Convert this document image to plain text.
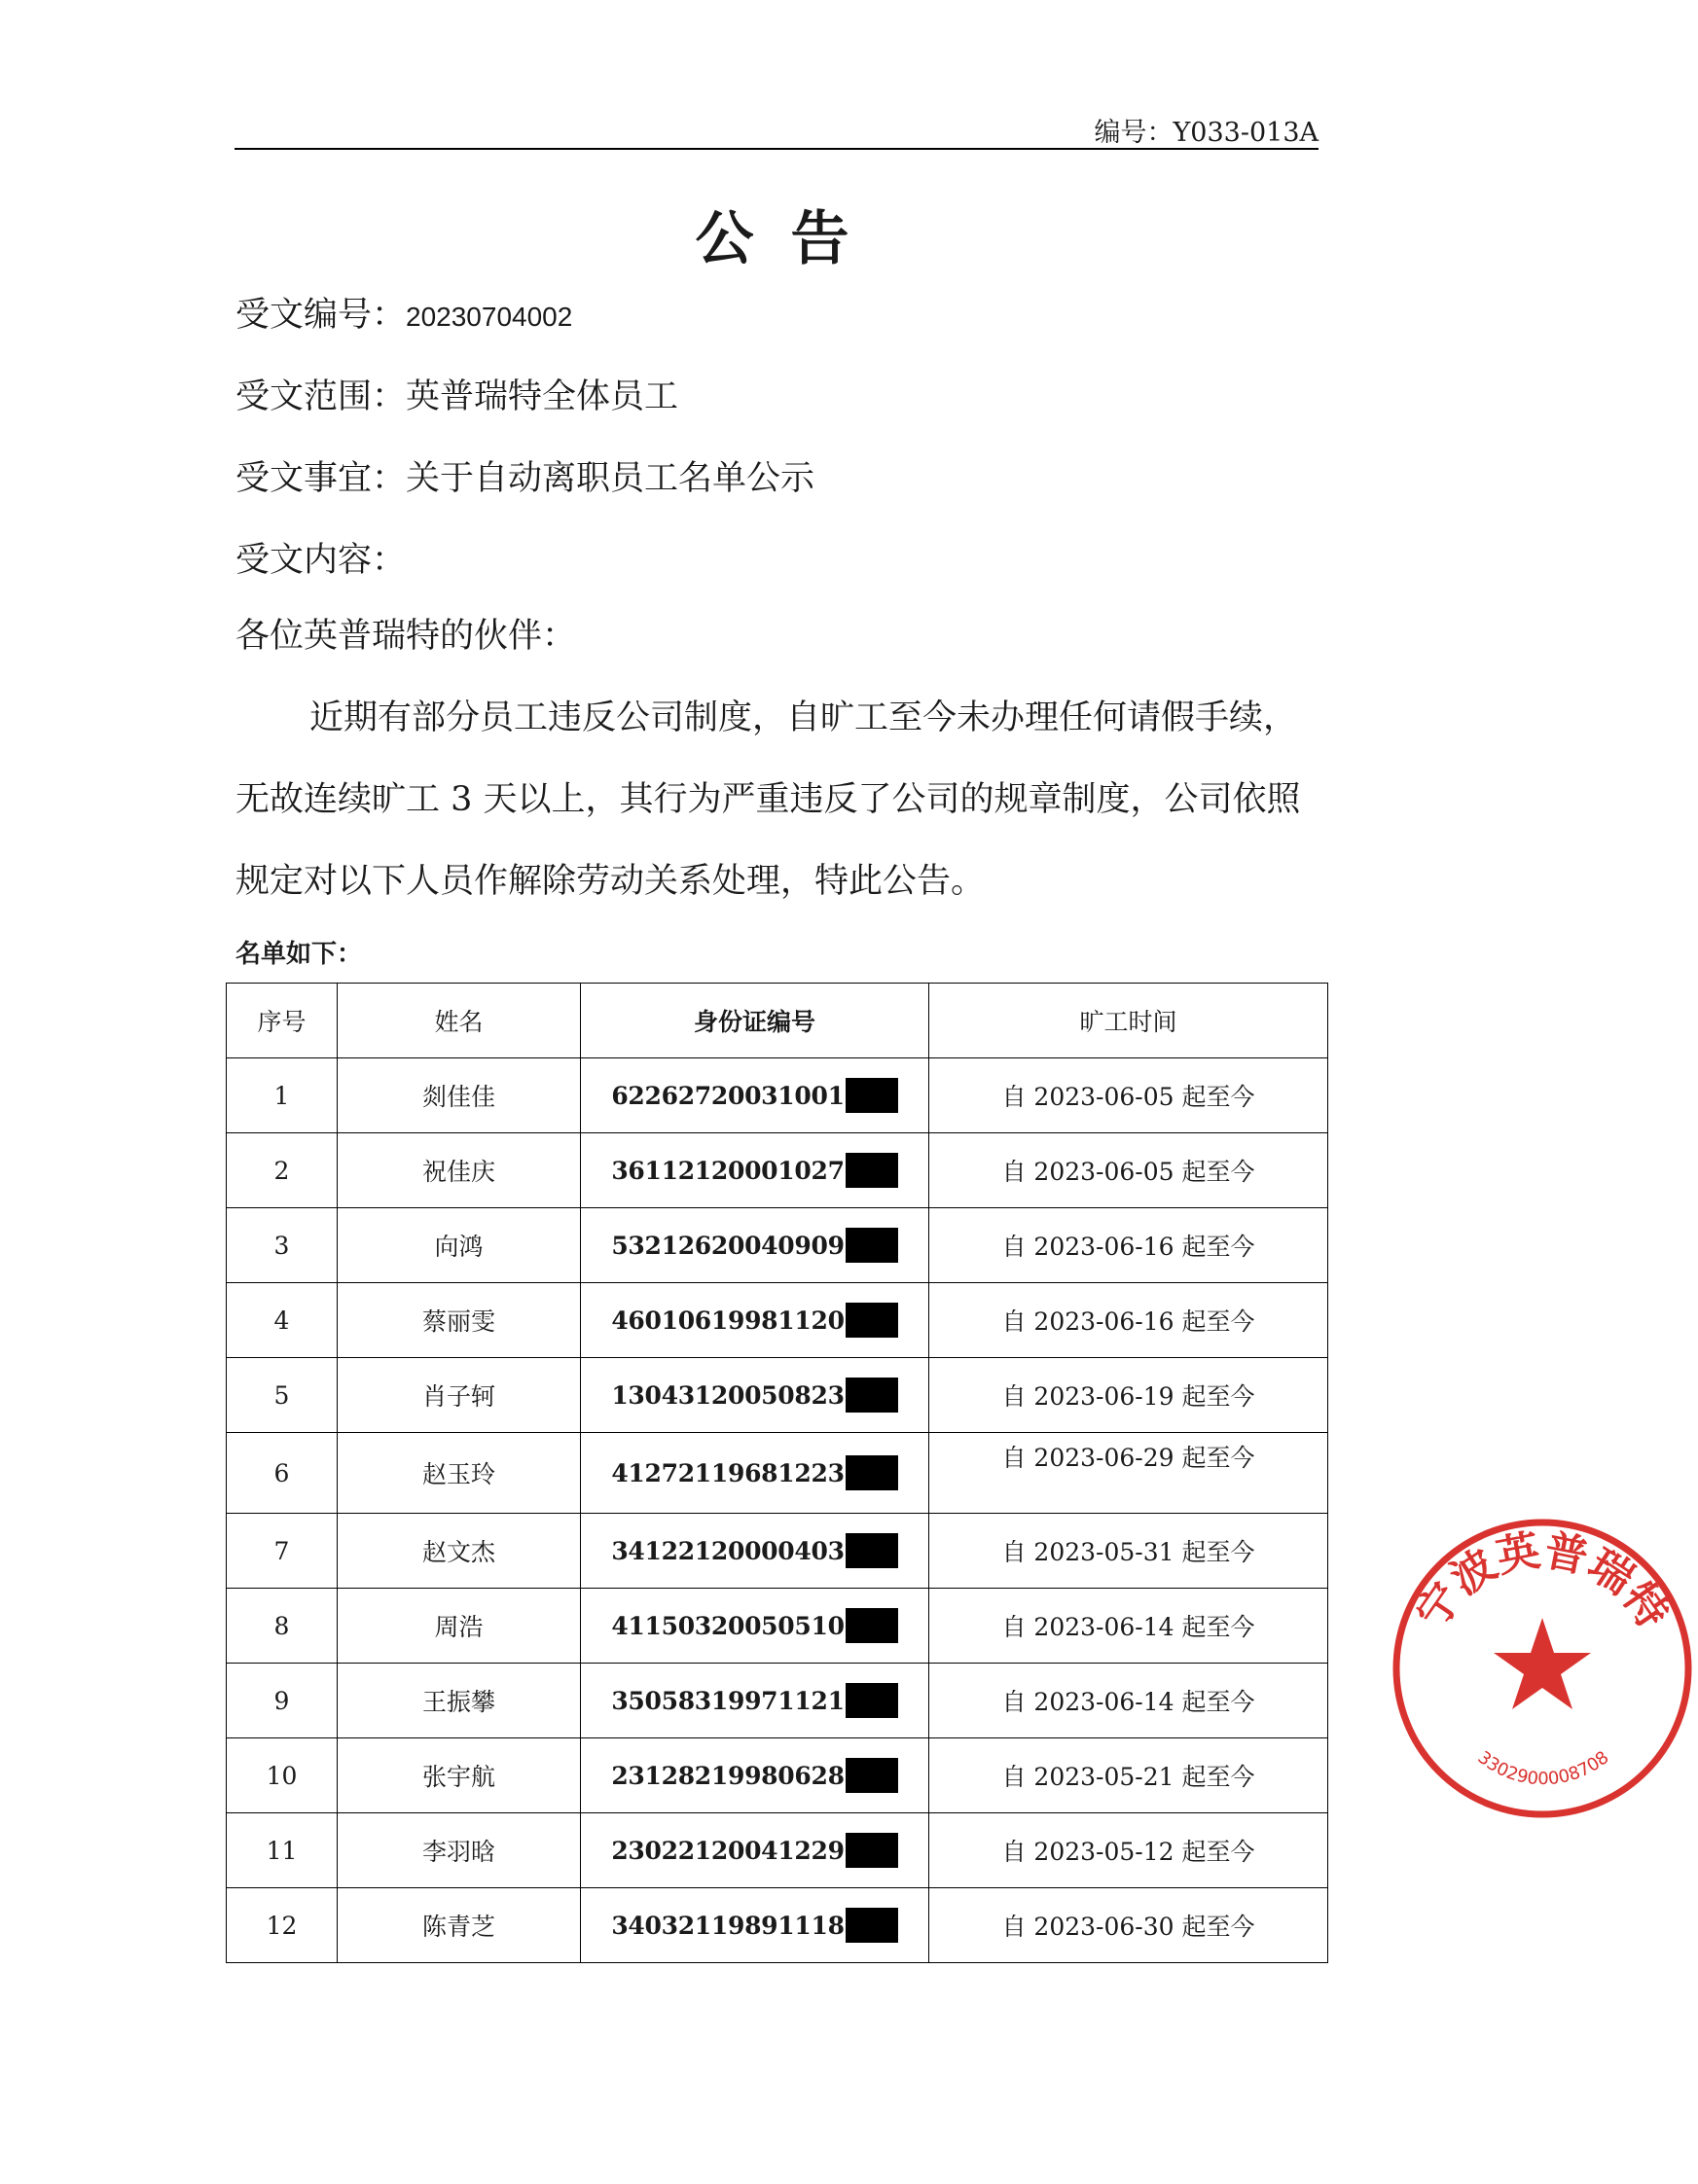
编号：Y033-013A
公告
受文编号：20230704002
受文范围：英普瑞特全体员工
受文事宜：关于自动离职员工名单公示
受文内容：

各位英普瑞特的伙伴：

近期有部分员工违反公司制度，自旷工至今未办理任何请假手续，无故连续旷工 3 天以上，其行为严重违反了公司的规章制度，公司依照规定对以下人员作解除劳动关系处理，特此公告。

名单如下：
序号	姓名	身份证编号	旷工时间
1	剡佳佳	62262720031001	自 2023-06-05 起至今
2	祝佳庆	36112120001027	自 2023-06-05 起至今
3	向鸿	53212620040909	自 2023-06-16 起至今
4	蔡丽雯	46010619981120	自 2023-06-16 起至今
5	肖子轲	13043120050823	自 2023-06-19 起至今
6	赵玉玲	41272119681223	自 2023-06-29 起至今
7	赵文杰	34122120000403	自 2023-05-31 起至今
8	周浩	41150320050510	自 2023-06-14 起至今
9	王振攀	35058319971121	自 2023-06-14 起至今
10	张宇航	23128219980628	自 2023-05-21 起至今
11	李羽晗	23022120041229	自 2023-05-12 起至今
12	陈青芝	34032119891118	自 2023-06-30 起至今
宁波英普瑞特
3302900008708
